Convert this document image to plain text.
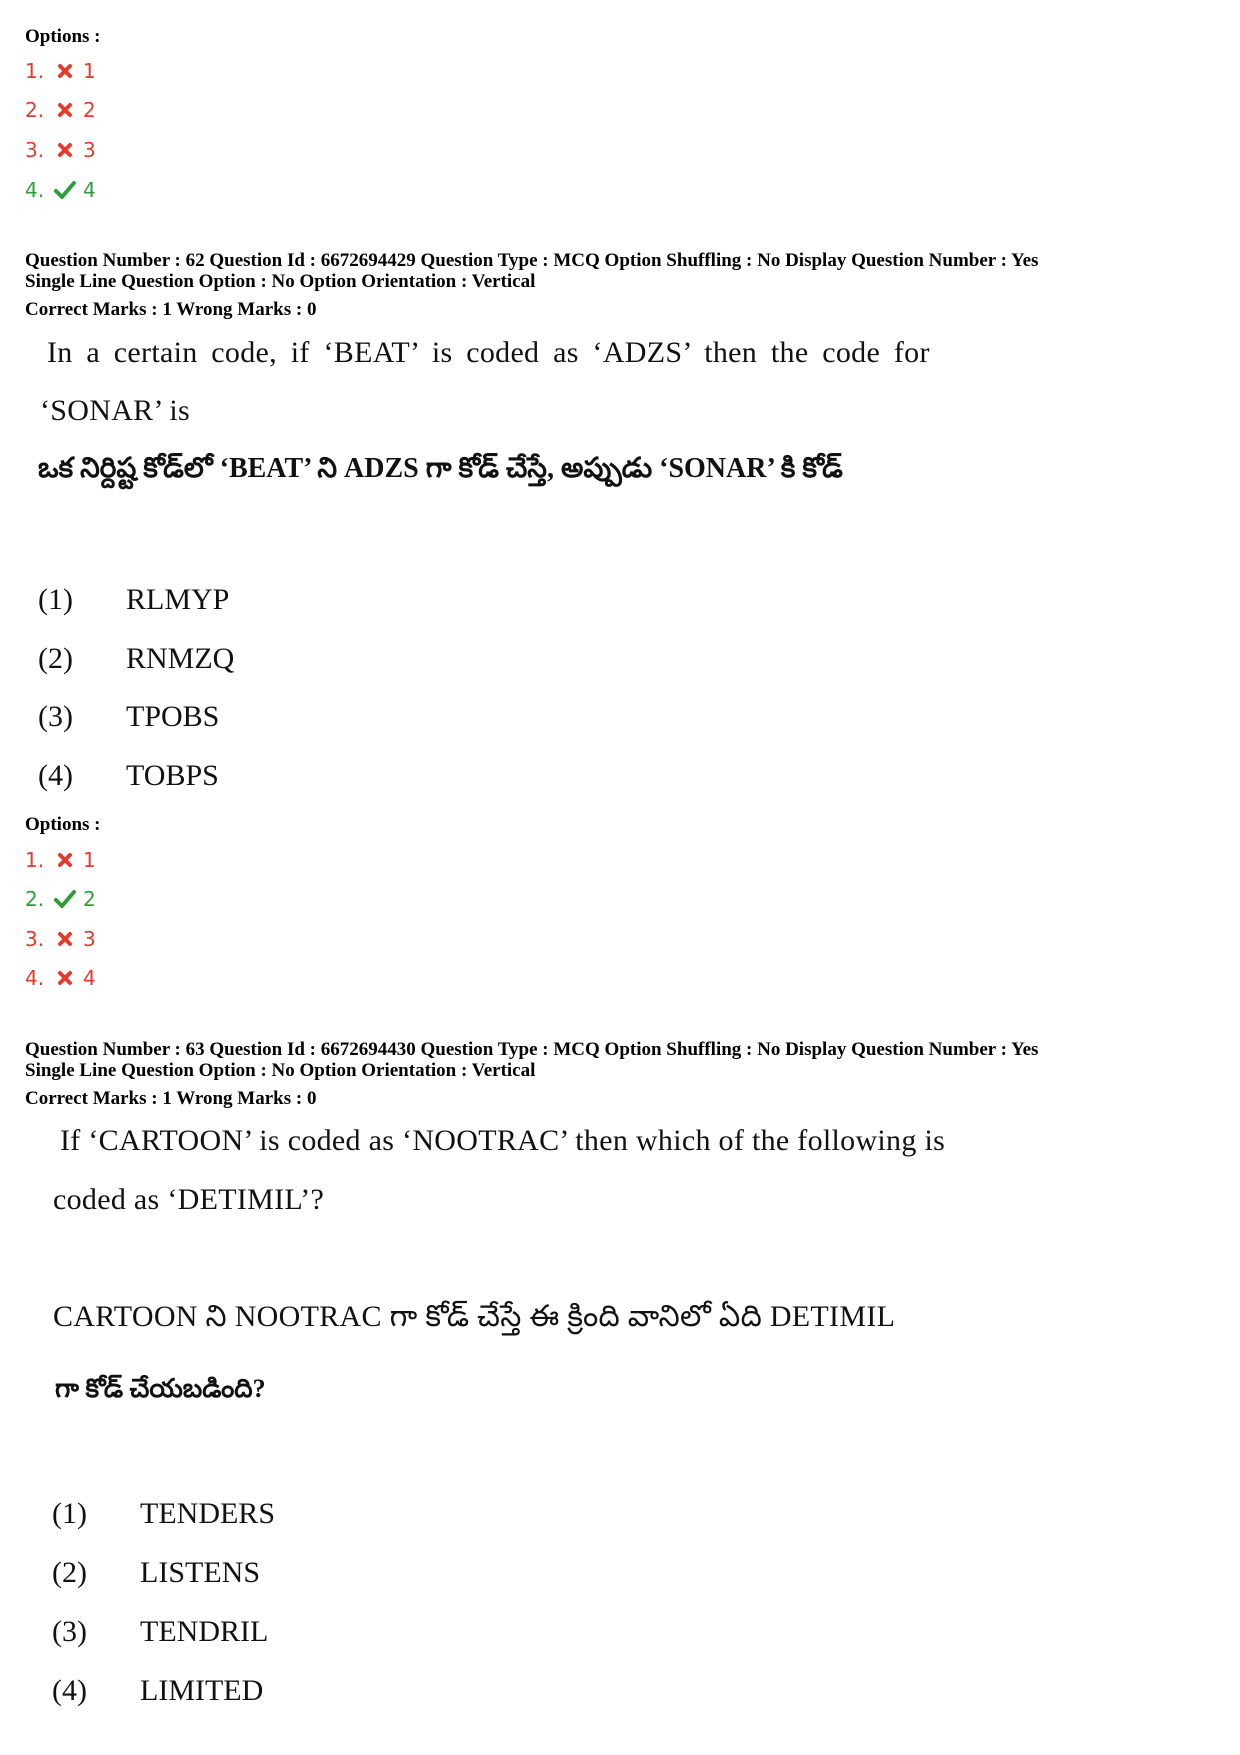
Options :
1.	1
2.	2
3.	3
4.	4
Question Number : 62 Question Id : 6672694429 Question Type : MCQ Option Shuffling : No Display Question Number : Yes
Single Line Question Option : No Option Orientation : Vertical
Correct Marks : 1 Wrong Marks : 0
In a certain code, if ‘BEAT’ is coded as ‘ADZS’ then the code for
‘SONAR’ is
ఒక నిర్దిష్ట కోడ్‌లో ‘BEAT’ ని ADZS గా కోడ్ చేస్తే, అప్పుడు ‘SONAR’ కి కోడ్
(1) RLMYP
(2) RNMZQ
(3) TPOBS
(4) TOBPS
Options :
1.	1
2.	2
3.	3
4.	4
Question Number : 63 Question Id : 6672694430 Question Type : MCQ Option Shuffling : No Display Question Number : Yes
Single Line Question Option : No Option Orientation : Vertical
Correct Marks : 1 Wrong Marks : 0
If ‘CARTOON’ is coded as ‘NOOTRAC’ then which of the following is
coded as ‘DETIMIL’?
CARTOON ని NOOTRAC గా కోడ్ చేస్తే ఈ క్రింది వానిలో ఏది DETIMIL
గా కోడ్ చేయబడింది?
(1) TENDERS
(2) LISTENS
(3) TENDRIL
(4) LIMITED
